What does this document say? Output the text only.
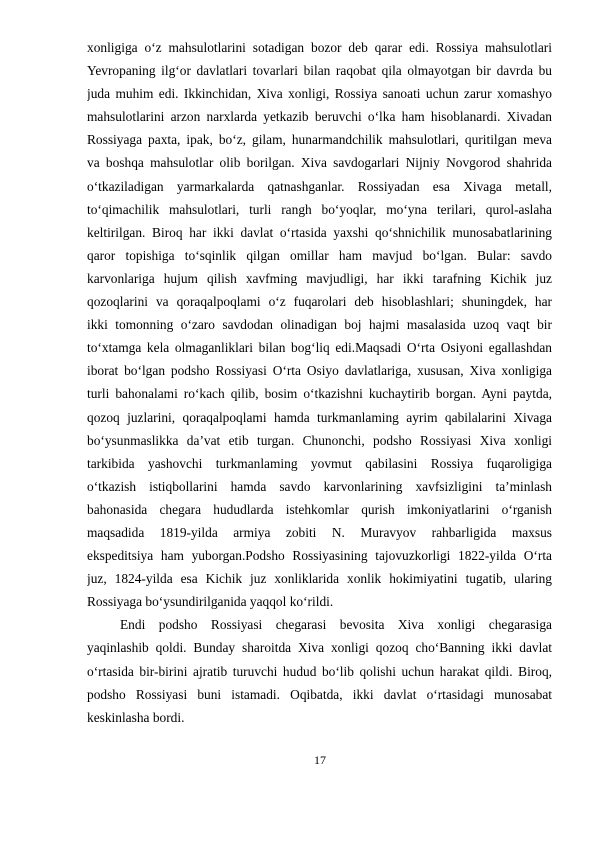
xonligiga o‘z mahsulotlarini sotadigan bozor deb qarar edi. Rossiya mahsulotlari
Yevropaning ilg‘or davlatlari tovarlari bilan raqobat qila olmayotgan bir davrda bu
juda muhim edi. Ikkinchidan, Xiva xonligi, Rossiya sanoati uchun zarur xomashyo
mahsulotlarini arzon narxlarda yetkazib beruvchi o‘lka ham hisoblanardi. Xivadan
Rossiyaga paxta, ipak, bo‘z, gilam, hunarmandchilik mahsulotlari, quritilgan meva
va boshqa mahsulotlar olib borilgan. Xiva savdogarlari Nijniy Novgorod shahrida
o‘tkaziladigan yarmarkalarda qatnashganlar. Rossiyadan esa Xivaga metall,
to‘qimachilik mahsulotlari, turli rangh bo‘yoqlar, mo‘yna terilari, qurol-aslaha
keltirilgan. Biroq har ikki davlat o‘rtasida yaxshi qo‘shnichilik munosabatlarining
qaror topishiga to‘sqinlik qilgan omillar ham mavjud bo‘lgan. Bular: savdo
karvonlariga hujum qilish xavfming mavjudligi, har ikki tarafning Kichik juz
qozoqlarini va qoraqalpoqlami o‘z fuqarolari deb hisoblashlari; shuningdek, har
ikki tomonning o‘zaro savdodan olinadigan boj hajmi masalasida uzoq vaqt bir
to‘xtamga kela olmaganliklari bilan bog‘liq edi.Maqsadi O‘rta Osiyoni egallashdan
iborat bo‘lgan podsho Rossiyasi O‘rta Osiyo davlatlariga, xususan, Xiva xonligiga
turli bahonalami ro‘kach qilib, bosim o‘tkazishni kuchaytirib borgan. Ayni paytda,
qozoq juzlarini, qoraqalpoqlami hamda turkmanlaming ayrim qabilalarini Xivaga
bo‘ysunmaslikka da’vat etib turgan. Chunonchi, podsho Rossiyasi Xiva xonligi
tarkibida yashovchi turkmanlaming yovmut qabilasini Rossiya fuqaroligiga
o‘tkazish istiqbollarini hamda savdo karvonlarining xavfsizligini ta’minlash
bahonasida chegara hududlarda istehkomlar qurish imkoniyatlarini o‘rganish
maqsadida 1819-yilda armiya zobiti N. Muravyov rahbarligida maxsus
ekspeditsiya ham yuborgan.Podsho Rossiyasining tajovuzkorligi 1822-yilda O‘rta
juz, 1824-yilda esa Kichik juz xonliklarida xonlik hokimiyatini tugatib, ularing
Rossiyaga bo‘ysundirilganida yaqqol ko‘rildi.
Endi podsho Rossiyasi chegarasi bevosita Xiva xonligi chegarasiga
yaqinlashib qoldi. Bunday sharoitda Xiva xonligi qozoq cho‘Banning ikki davlat
o‘rtasida bir-birini ajratib turuvchi hudud bo‘lib qolishi uchun harakat qildi. Biroq,
podsho Rossiyasi buni istamadi. Oqibatda, ikki davlat o‘rtasidagi munosabat
keskinlashа bordi.
17
